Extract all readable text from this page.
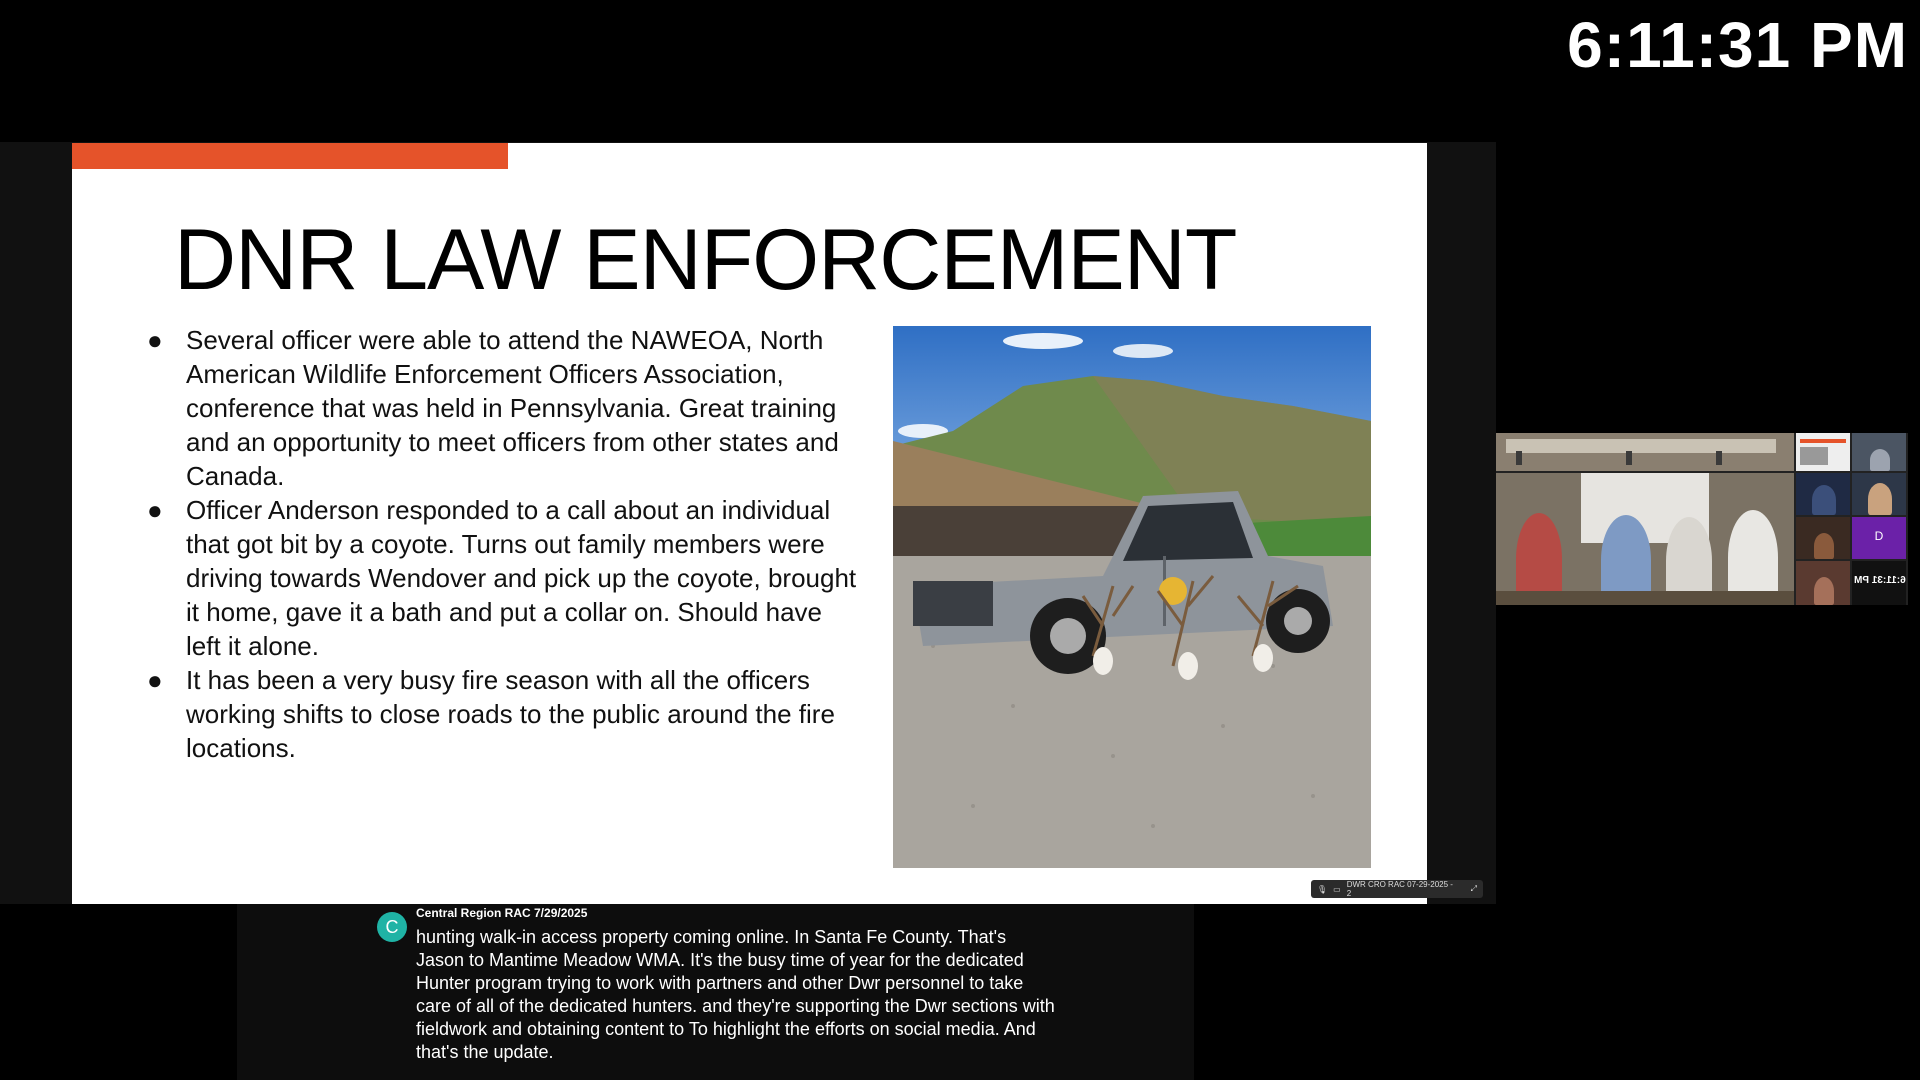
6:11:31 PM
DNR LAW ENFORCEMENT
● Several officer were able to attend the NAWEOA, North American Wildlife Enforcement Officers Association, conference that was held in Pennsylvania. Great training and an opportunity to meet officers from other states and Canada.
● Officer Anderson responded to a call about an individual that got bit by a coyote. Turns out family members were driving towards Wendover and pick up the coyote, brought it home, gave it a bath and put a collar on. Should have left it alone.
● It has been a very busy fire season with all the officers working shifts to close roads to the public around the fire locations.
🎙 ▭ DWR CRO RAC 07-29-2025 - 2
⤢
C
Central Region RAC 7/29/2025
hunting walk-in access property coming online. In Santa Fe County. That's Jason to Mantime Meadow WMA. It's the busy time of year for the dedicated Hunter program trying to work with partners and other Dwr personnel to take care of all of the dedicated hunters. and they're supporting the Dwr sections with fieldwork and obtaining content to To highlight the efforts on social media. And that's the update.
D
6:11:31 PM
